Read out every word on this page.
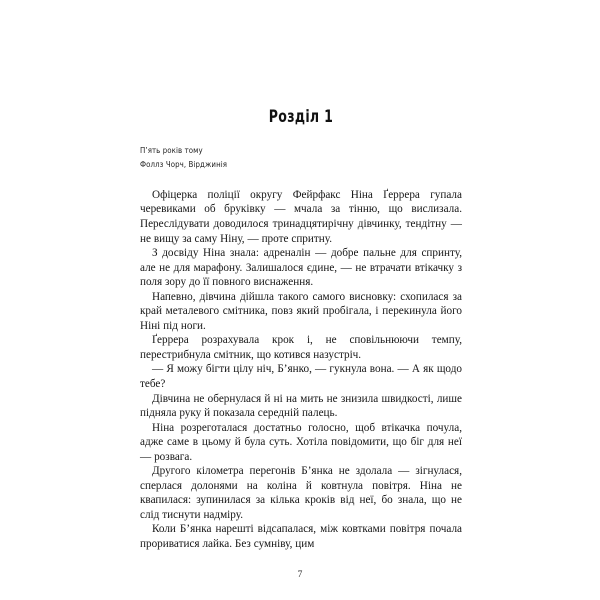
Розділ 1
П’ять років тому
Фоллз Чорч, Вірджинія

Офіцерка поліції округу Фейрфакс Ніна Ґеррера гупала черевиками об бруківку — мчала за тінню, що вислизала. Переслідувати доводилося тринадцятирічну дівчинку, тендітну — не вищу за саму Ніну, — проте спритну.

З досвіду Ніна знала: адреналін — добре пальне для спринту, але не для марафону. Залишалося єдине, — не втрачати втікачку з поля зору до її повного виснаження.

Напевно, дівчина дійшла такого самого висновку: схопилася за край металевого смітника, повз який пробігала, і перекинула його Ніні під ноги.

Ґеррера розрахувала крок і, не сповільнюючи темпу, перестрибнула смітник, що котився назустріч.

— Я можу бігти цілу ніч, Б’янко, — гукнула вона. — А як щодо тебе?

Дівчина не обернулася й ні на мить не знизила швидкості, лише підняла руку й показала середній палець.

Ніна розреготалася достатньо голосно, щоб втікачка почула, адже саме в цьому й була суть. Хотіла повідомити, що біг для неї — розвага.

Другого кілометра перегонів Б’янка не здолала — зігнулася, сперлася долонями на коліна й ковтнула повітря. Ніна не квапилася: зупинилася за кілька кроків від неї, бо знала, що не слід тиснути надміру.

Коли Б’янка нарешті відсапалася, між ковтками повітря почала прориватися лайка. Без сумніву, цим

7
